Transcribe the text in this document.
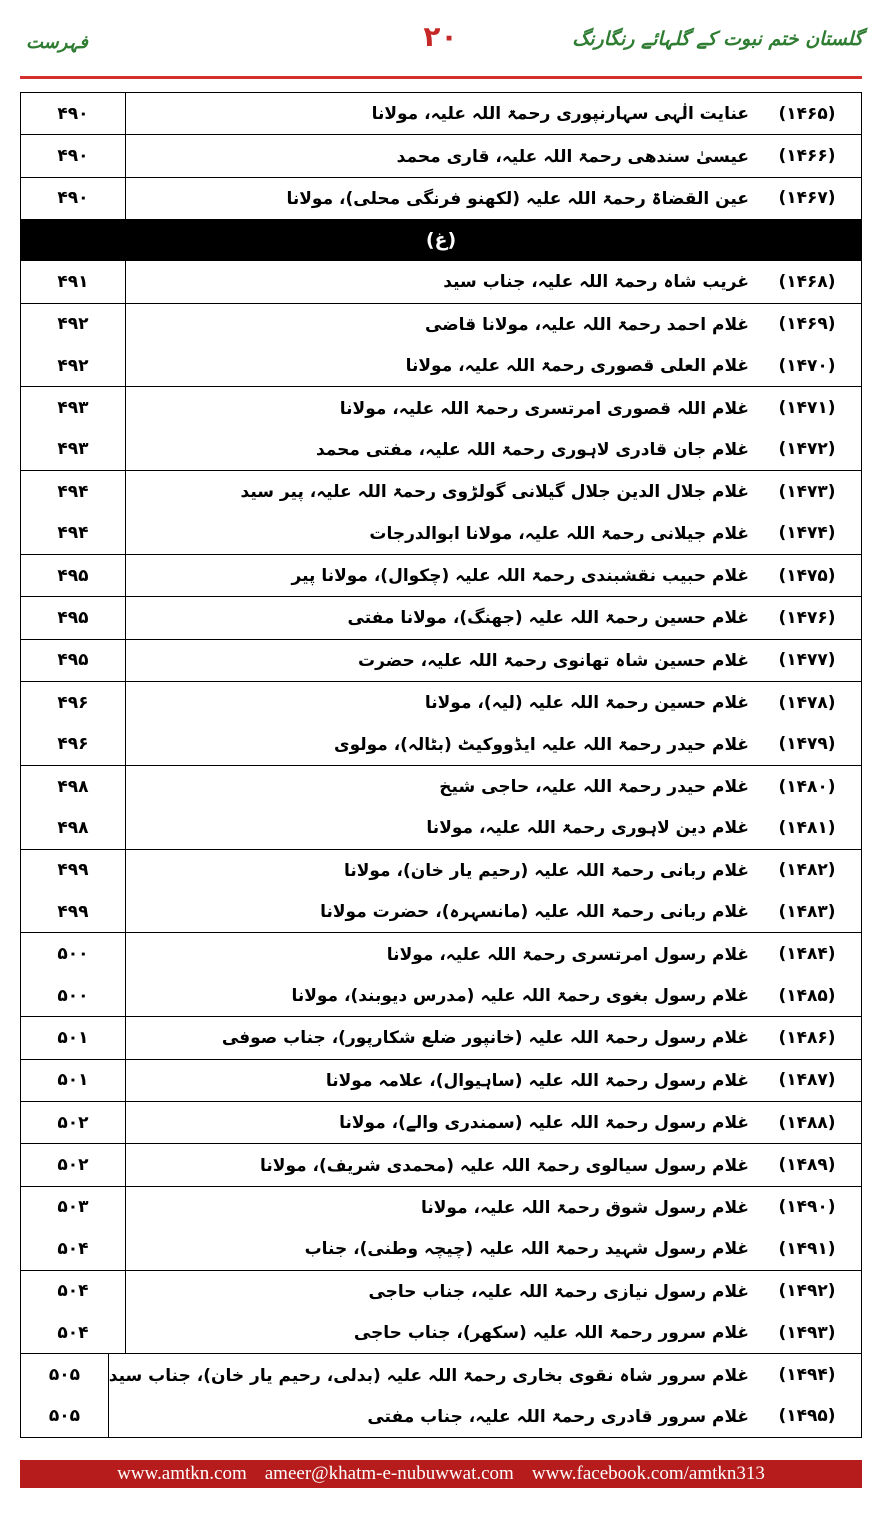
گلستان ختم نبوت کے گلہائے رنگارنگ
۲۰
فہرست
(۱۴۶۵)
عنایت الٰہی سہارنپوری رحمۃ اللہ علیہ، مولانا
۴۹۰
(۱۴۶۶)
عیسیٰ سندھی رحمۃ اللہ علیہ، قاری محمد
۴۹۰
(۱۴۶۷)
عین القضاۃ رحمۃ اللہ علیہ (لکھنو فرنگی محلی)، مولانا
۴۹۰
(غ)
(۱۴۶۸)
غریب شاہ رحمۃ اللہ علیہ، جناب سید
۴۹۱
(۱۴۶۹)
غلام احمد رحمۃ اللہ علیہ، مولانا قاضی
(۱۴۷۰)
غلام العلی قصوری رحمۃ اللہ علیہ، مولانا
۴۹۲
۴۹۲
(۱۴۷۱)
غلام اللہ قصوری امرتسری رحمۃ اللہ علیہ، مولانا
(۱۴۷۲)
غلام جان قادری لاہوری رحمۃ اللہ علیہ، مفتی محمد
۴۹۳
۴۹۳
(۱۴۷۳)
غلام جلال الدین جلال گیلانی گولڑوی رحمۃ اللہ علیہ، پیر سید
(۱۴۷۴)
غلام جیلانی رحمۃ اللہ علیہ، مولانا ابوالدرجات
۴۹۴
۴۹۴
(۱۴۷۵)
غلام حبیب نقشبندی رحمۃ اللہ علیہ (چکوال)، مولانا پیر
۴۹۵
(۱۴۷۶)
غلام حسین رحمۃ اللہ علیہ (جھنگ)، مولانا مفتی
۴۹۵
(۱۴۷۷)
غلام حسین شاہ تھانوی رحمۃ اللہ علیہ، حضرت
۴۹۵
(۱۴۷۸)
غلام حسین رحمۃ اللہ علیہ (لیہ)، مولانا
(۱۴۷۹)
غلام حیدر رحمۃ اللہ علیہ ایڈووکیٹ (بٹالہ)، مولوی
۴۹۶
۴۹۶
(۱۴۸۰)
غلام حیدر رحمۃ اللہ علیہ، حاجی شیخ
(۱۴۸۱)
غلام دین لاہوری رحمۃ اللہ علیہ، مولانا
۴۹۸
۴۹۸
(۱۴۸۲)
غلام ربانی رحمۃ اللہ علیہ (رحیم یار خان)، مولانا
(۱۴۸۳)
غلام ربانی رحمۃ اللہ علیہ (مانسہرہ)، حضرت مولانا
۴۹۹
۴۹۹
(۱۴۸۴)
غلام رسول امرتسری رحمۃ اللہ علیہ، مولانا
(۱۴۸۵)
غلام رسول بغوی رحمۃ اللہ علیہ (مدرس دیوبند)، مولانا
۵۰۰
۵۰۰
(۱۴۸۶)
غلام رسول رحمۃ اللہ علیہ (خانپور ضلع شکارپور)، جناب صوفی
۵۰۱
(۱۴۸۷)
غلام رسول رحمۃ اللہ علیہ (ساہیوال)، علامہ مولانا
۵۰۱
(۱۴۸۸)
غلام رسول رحمۃ اللہ علیہ (سمندری والے)، مولانا
۵۰۲
(۱۴۸۹)
غلام رسول سیالوی رحمۃ اللہ علیہ (محمدی شریف)، مولانا
۵۰۲
(۱۴۹۰)
غلام رسول شوق رحمۃ اللہ علیہ، مولانا
(۱۴۹۱)
غلام رسول شہید رحمۃ اللہ علیہ (چیچہ وطنی)، جناب
۵۰۳
۵۰۴
(۱۴۹۲)
غلام رسول نیازی رحمۃ اللہ علیہ، جناب حاجی
(۱۴۹۳)
غلام سرور رحمۃ اللہ علیہ (سکھر)، جناب حاجی
۵۰۴
۵۰۴
(۱۴۹۴)
غلام سرور شاہ نقوی بخاری رحمۃ اللہ علیہ (بدلی، رحیم یار خان)، جناب سید
(۱۴۹۵)
غلام سرور قادری رحمۃ اللہ علیہ، جناب مفتی
۵۰۵
۵۰۵
www.amtkn.com ameer@khatm-e-nubuwwat.com www.facebook.com/amtkn313
